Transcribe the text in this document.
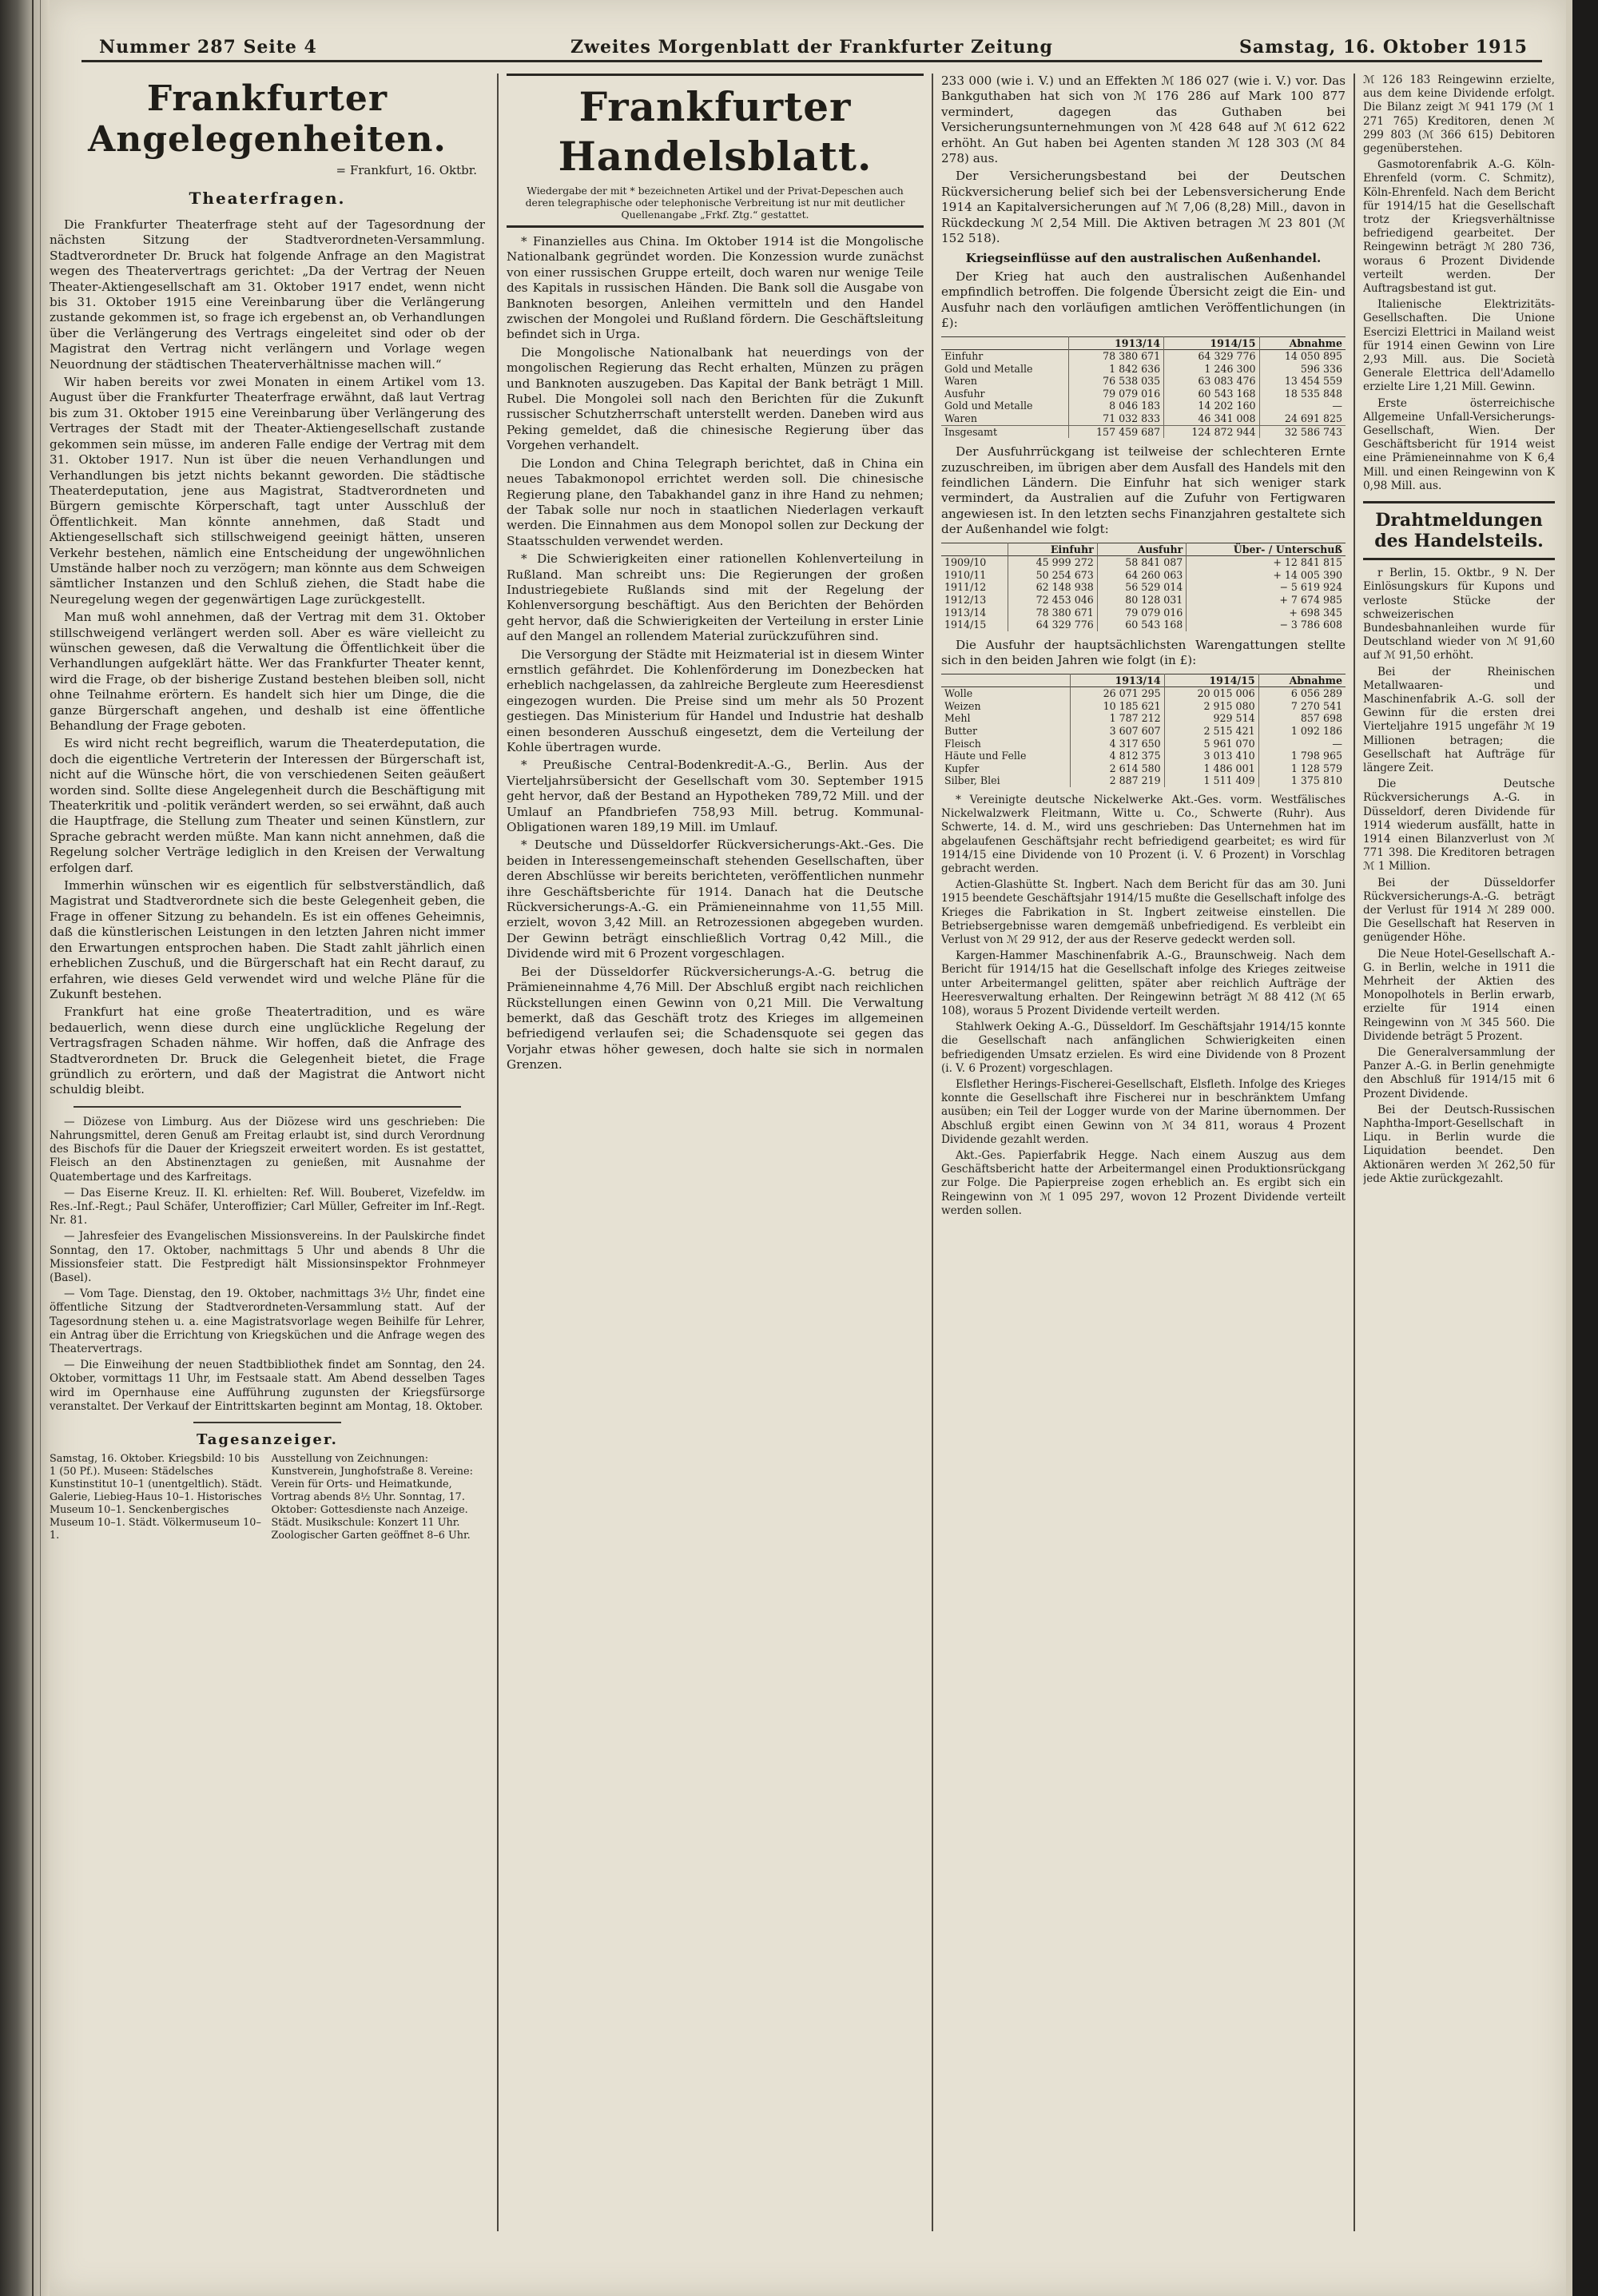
Nummer 287 Seite 4	Zweites Morgenblatt der Frankfurter Zeitung	Samstag, 16. Oktober 1915
Frankfurter Angelegenheiten.
= Frankfurt, 16. Oktbr.
Theaterfragen.

Die Frankfurter Theaterfrage steht auf der Tagesordnung der nächsten Sitzung der Stadtverordneten-Versammlung. Stadtverordneter Dr. Bruck hat folgende Anfrage an den Magistrat wegen des Theatervertrags gerichtet: „Da der Vertrag der Neuen Theater-Aktiengesellschaft am 31. Oktober 1917 endet, wenn nicht bis 31. Oktober 1915 eine Vereinbarung über die Verlängerung zustande gekommen ist, so frage ich ergebenst an, ob Verhandlungen über die Verlängerung des Vertrags eingeleitet sind oder ob der Magistrat den Vertrag nicht verlängern und Vorlage wegen Neuordnung der städtischen Theaterverhältnisse machen will.“

Wir haben bereits vor zwei Monaten in einem Artikel vom 13. August über die Frankfurter Theaterfrage erwähnt, daß laut Vertrag bis zum 31. Oktober 1915 eine Vereinbarung über Verlängerung des Vertrages der Stadt mit der Theater-Aktiengesellschaft zustande gekommen sein müsse, im anderen Falle endige der Vertrag mit dem 31. Oktober 1917. Nun ist über die neuen Verhandlungen und Verhandlungen bis jetzt nichts bekannt geworden. Die städtische Theaterdeputation, jene aus Magistrat, Stadtverordneten und Bürgern gemischte Körperschaft, tagt unter Ausschluß der Öffentlichkeit. Man könnte annehmen, daß Stadt und Aktiengesellschaft sich stillschweigend geeinigt hätten, unseren Verkehr bestehen, nämlich eine Entscheidung der ungewöhnlichen Umstände halber noch zu verzögern; man könnte aus dem Schweigen sämtlicher Instanzen und den Schluß ziehen, die Stadt habe die Neuregelung wegen der gegenwärtigen Lage zurückgestellt.

Man muß wohl annehmen, daß der Vertrag mit dem 31. Oktober stillschweigend verlängert werden soll. Aber es wäre vielleicht zu wünschen gewesen, daß die Verwaltung die Öffentlichkeit über die Verhandlungen aufgeklärt hätte. Wer das Frankfurter Theater kennt, wird die Frage, ob der bisherige Zustand bestehen bleiben soll, nicht ohne Teilnahme erörtern. Es handelt sich hier um Dinge, die die ganze Bürgerschaft angehen, und deshalb ist eine öffentliche Behandlung der Frage geboten.

Es wird nicht recht begreiflich, warum die Theaterdeputation, die doch die eigentliche Vertreterin der Interessen der Bürgerschaft ist, nicht auf die Wünsche hört, die von verschiedenen Seiten geäußert worden sind. Sollte diese Angelegenheit durch die Beschäftigung mit Theaterkritik und -politik verändert werden, so sei erwähnt, daß auch die Hauptfrage, die Stellung zum Theater und seinen Künstlern, zur Sprache gebracht werden müßte. Man kann nicht annehmen, daß die Regelung solcher Verträge lediglich in den Kreisen der Verwaltung erfolgen darf.

Immerhin wünschen wir es eigentlich für selbstverständlich, daß Magistrat und Stadtverordnete sich die beste Gelegenheit geben, die Frage in offener Sitzung zu behandeln. Es ist ein offenes Geheimnis, daß die künstlerischen Leistungen in den letzten Jahren nicht immer den Erwartungen entsprochen haben. Die Stadt zahlt jährlich einen erheblichen Zuschuß, und die Bürgerschaft hat ein Recht darauf, zu erfahren, wie dieses Geld verwendet wird und welche Pläne für die Zukunft bestehen.

Frankfurt hat eine große Theatertradition, und es wäre bedauerlich, wenn diese durch eine unglückliche Regelung der Vertragsfragen Schaden nähme. Wir hoffen, daß die Anfrage des Stadtverordneten Dr. Bruck die Gelegenheit bietet, die Frage gründlich zu erörtern, und daß der Magistrat die Antwort nicht schuldig bleibt.

— Diözese von Limburg. Aus der Diözese wird uns geschrieben: Die Nahrungsmittel, deren Genuß am Freitag erlaubt ist, sind durch Verordnung des Bischofs für die Dauer der Kriegszeit erweitert worden. Es ist gestattet, Fleisch an den Abstinenztagen zu genießen, mit Ausnahme der Quatembertage und des Karfreitags.

— Das Eiserne Kreuz. II. Kl. erhielten: Ref. Will. Bouberet, Vizefeldw. im Res.-Inf.-Regt.; Paul Schäfer, Unteroffizier; Carl Müller, Gefreiter im Inf.-Regt. Nr. 81.

— Jahresfeier des Evangelischen Missionsvereins. In der Paulskirche findet Sonntag, den 17. Oktober, nachmittags 5 Uhr und abends 8 Uhr die Missionsfeier statt. Die Festpredigt hält Missionsinspektor Frohnmeyer (Basel).

— Vom Tage. Dienstag, den 19. Oktober, nachmittags 3½ Uhr, findet eine öffentliche Sitzung der Stadtverordneten-Versammlung statt. Auf der Tagesordnung stehen u. a. eine Magistratsvorlage wegen Beihilfe für Lehrer, ein Antrag über die Errichtung von Kriegsküchen und die Anfrage wegen des Theatervertrags.

— Die Einweihung der neuen Stadtbibliothek findet am Sonntag, den 24. Oktober, vormittags 11 Uhr, im Festsaale statt. Am Abend desselben Tages wird im Opernhause eine Aufführung zugunsten der Kriegsfürsorge veranstaltet. Der Verkauf der Eintrittskarten beginnt am Montag, 18. Oktober.

Tagesanzeiger.
Samstag, 16. Oktober. Kriegsbild: 10 bis 1 (50 Pf.). Museen: Städelsches Kunstinstitut 10–1 (unentgeltlich). Städt. Galerie, Liebieg-Haus 10–1. Historisches Museum 10–1. Senckenbergisches Museum 10–1. Städt. Völkermuseum 10–1.
Ausstellung von Zeichnungen: Kunstverein, Junghofstraße 8. Vereine: Verein für Orts- und Heimatkunde, Vortrag abends 8½ Uhr. Sonntag, 17. Oktober: Gottesdienste nach Anzeige. Städt. Musikschule: Konzert 11 Uhr. Zoologischer Garten geöffnet 8–6 Uhr.
Frankfurter Handelsblatt.
Wiedergabe der mit * bezeichneten Artikel und der Privat-Depeschen auch deren telegraphische oder telephonische Verbreitung ist nur mit deutlicher Quellenangabe „Frkf. Ztg.“ gestattet.

* Finanzielles aus China. Im Oktober 1914 ist die Mongolische Nationalbank gegründet worden. Die Konzession wurde zunächst von einer russischen Gruppe erteilt, doch waren nur wenige Teile des Kapitals in russischen Händen. Die Bank soll die Ausgabe von Banknoten besorgen, Anleihen vermitteln und den Handel zwischen der Mongolei und Rußland fördern. Die Geschäftsleitung befindet sich in Urga.

Die Mongolische Nationalbank hat neuerdings von der mongolischen Regierung das Recht erhalten, Münzen zu prägen und Banknoten auszugeben. Das Kapital der Bank beträgt 1 Mill. Rubel. Die Mongolei soll nach den Berichten für die Zukunft russischer Schutzherrschaft unterstellt werden. Daneben wird aus Peking gemeldet, daß die chinesische Regierung über das Vorgehen verhandelt.

Die London and China Telegraph berichtet, daß in China ein neues Tabakmonopol errichtet werden soll. Die chinesische Regierung plane, den Tabakhandel ganz in ihre Hand zu nehmen; der Tabak solle nur noch in staatlichen Niederlagen verkauft werden. Die Einnahmen aus dem Monopol sollen zur Deckung der Staatsschulden verwendet werden.

* Die Schwierigkeiten einer rationellen Kohlenverteilung in Rußland. Man schreibt uns: Die Regierungen der großen Industriegebiete Rußlands sind mit der Regelung der Kohlenversorgung beschäftigt. Aus den Berichten der Behörden geht hervor, daß die Schwierigkeiten der Verteilung in erster Linie auf den Mangel an rollendem Material zurückzuführen sind.

Die Versorgung der Städte mit Heizmaterial ist in diesem Winter ernstlich gefährdet. Die Kohlenförderung im Donezbecken hat erheblich nachgelassen, da zahlreiche Bergleute zum Heeresdienst eingezogen wurden. Die Preise sind um mehr als 50 Prozent gestiegen. Das Ministerium für Handel und Industrie hat deshalb einen besonderen Ausschuß eingesetzt, dem die Verteilung der Kohle übertragen wurde.

* Preußische Central-Bodenkredit-A.-G., Berlin. Aus der Vierteljahrsübersicht der Gesellschaft vom 30. September 1915 geht hervor, daß der Bestand an Hypotheken 789,72 Mill. und der Umlauf an Pfandbriefen 758,93 Mill. betrug. Kommunal-Obligationen waren 189,19 Mill. im Umlauf.

* Deutsche und Düsseldorfer Rückversicherungs-Akt.-Ges. Die beiden in Interessengemeinschaft stehenden Gesellschaften, über deren Abschlüsse wir bereits berichteten, veröffentlichen nunmehr ihre Geschäftsberichte für 1914. Danach hat die Deutsche Rückversicherungs-A.-G. ein Prämieneinnahme von 11,55 Mill. erzielt, wovon 3,42 Mill. an Retrozessionen abgegeben wurden. Der Gewinn beträgt einschließlich Vortrag 0,42 Mill., die Dividende wird mit 6 Prozent vorgeschlagen.

Bei der Düsseldorfer Rückversicherungs-A.-G. betrug die Prämieneinnahme 4,76 Mill. Der Abschluß ergibt nach reichlichen Rückstellungen einen Gewinn von 0,21 Mill. Die Verwaltung bemerkt, daß das Geschäft trotz des Krieges im allgemeinen befriedigend verlaufen sei; die Schadensquote sei gegen das Vorjahr etwas höher gewesen, doch halte sie sich in normalen Grenzen.

233 000 (wie i. V.) und an Effekten ℳ 186 027 (wie i. V.) vor. Das Bankguthaben hat sich von ℳ 176 286 auf Mark 100 877 vermindert, dagegen das Guthaben bei Versicherungsunternehmungen von ℳ 428 648 auf ℳ 612 622 erhöht. An Gut haben bei Agenten standen ℳ 128 303 (ℳ 84 278) aus.

Der Versicherungsbestand bei der Deutschen Rückversicherung belief sich bei der Lebensversicherung Ende 1914 an Kapitalversicherungen auf ℳ 7,06 (8,28) Mill., davon in Rückdeckung ℳ 2,54 Mill. Die Aktiven betragen ℳ 23 801 (ℳ 152 518).

Kriegseinflüsse auf den australischen Außenhandel.

Der Krieg hat auch den australischen Außenhandel empfindlich betroffen. Die folgende Übersicht zeigt die Ein- und Ausfuhr nach den vorläufigen amtlichen Veröffentlichungen (in £):

	1913/14	1914/15	Abnahme
Einfuhr	78 380 671	64 329 776	14 050 895
Gold und Metalle	1 842 636	1 246 300	596 336
Waren	76 538 035	63 083 476	13 454 559
Ausfuhr	79 079 016	60 543 168	18 535 848
Gold und Metalle	8 046 183	14 202 160	—
Waren	71 032 833	46 341 008	24 691 825
Insgesamt	157 459 687	124 872 944	32 586 743

Der Ausfuhrrückgang ist teilweise der schlechteren Ernte zuzuschreiben, im übrigen aber dem Ausfall des Handels mit den feindlichen Ländern. Die Einfuhr hat sich weniger stark vermindert, da Australien auf die Zufuhr von Fertigwaren angewiesen ist. In den letzten sechs Finanzjahren gestaltete sich der Außenhandel wie folgt:

	Einfuhr	Ausfuhr	Über- / Unterschuß
1909/10	45 999 272	58 841 087	+ 12 841 815
1910/11	50 254 673	64 260 063	+ 14 005 390
1911/12	62 148 938	56 529 014	− 5 619 924
1912/13	72 453 046	80 128 031	+ 7 674 985
1913/14	78 380 671	79 079 016	+ 698 345
1914/15	64 329 776	60 543 168	− 3 786 608

Die Ausfuhr der hauptsächlichsten Warengattungen stellte sich in den beiden Jahren wie folgt (in £):

	1913/14	1914/15	Abnahme
Wolle	26 071 295	20 015 006	6 056 289
Weizen	10 185 621	2 915 080	7 270 541
Mehl	1 787 212	929 514	857 698
Butter	3 607 607	2 515 421	1 092 186
Fleisch	4 317 650	5 961 070	—
Häute und Felle	4 812 375	3 013 410	1 798 965
Kupfer	2 614 580	1 486 001	1 128 579
Silber, Blei	2 887 219	1 511 409	1 375 810

* Vereinigte deutsche Nickelwerke Akt.-Ges. vorm. Westfälisches Nickelwalzwerk Fleitmann, Witte u. Co., Schwerte (Ruhr). Aus Schwerte, 14. d. M., wird uns geschrieben: Das Unternehmen hat im abgelaufenen Geschäftsjahr recht befriedigend gearbeitet; es wird für 1914/15 eine Dividende von 10 Prozent (i. V. 6 Prozent) in Vorschlag gebracht werden.

Actien-Glashütte St. Ingbert. Nach dem Bericht für das am 30. Juni 1915 beendete Geschäftsjahr 1914/15 mußte die Gesellschaft infolge des Krieges die Fabrikation in St. Ingbert zeitweise einstellen. Die Betriebsergebnisse waren demgemäß unbefriedigend. Es verbleibt ein Verlust von ℳ 29 912, der aus der Reserve gedeckt werden soll.

Kargen-Hammer Maschinenfabrik A.-G., Braunschweig. Nach dem Bericht für 1914/15 hat die Gesellschaft infolge des Krieges zeitweise unter Arbeitermangel gelitten, später aber reichlich Aufträge der Heeresverwaltung erhalten. Der Reingewinn beträgt ℳ 88 412 (ℳ 65 108), woraus 5 Prozent Dividende verteilt werden.

Stahlwerk Oeking A.-G., Düsseldorf. Im Geschäftsjahr 1914/15 konnte die Gesellschaft nach anfänglichen Schwierigkeiten einen befriedigenden Umsatz erzielen. Es wird eine Dividende von 8 Prozent (i. V. 6 Prozent) vorgeschlagen.

Elsflether Herings-Fischerei-Gesellschaft, Elsfleth. Infolge des Krieges konnte die Gesellschaft ihre Fischerei nur in beschränktem Umfang ausüben; ein Teil der Logger wurde von der Marine übernommen. Der Abschluß ergibt einen Gewinn von ℳ 34 811, woraus 4 Prozent Dividende gezahlt werden.

Akt.-Ges. Papierfabrik Hegge. Nach einem Auszug aus dem Geschäftsbericht hatte der Arbeitermangel einen Produktionsrückgang zur Folge. Die Papierpreise zogen erheblich an. Es ergibt sich ein Reingewinn von ℳ 1 095 297, wovon 12 Prozent Dividende verteilt werden sollen.

ℳ 126 183 Reingewinn erzielte, aus dem keine Dividende erfolgt. Die Bilanz zeigt ℳ 941 179 (ℳ 1 271 765) Kreditoren, denen ℳ 299 803 (ℳ 366 615) Debitoren gegenüberstehen.

Gasmotorenfabrik A.-G. Köln-Ehrenfeld (vorm. C. Schmitz), Köln-Ehrenfeld. Nach dem Bericht für 1914/15 hat die Gesellschaft trotz der Kriegsverhältnisse befriedigend gearbeitet. Der Reingewinn beträgt ℳ 280 736, woraus 6 Prozent Dividende verteilt werden. Der Auftragsbestand ist gut.

Italienische Elektrizitäts-Gesellschaften. Die Unione Esercizi Elettrici in Mailand weist für 1914 einen Gewinn von Lire 2,93 Mill. aus. Die Società Generale Elettrica dell'Adamello erzielte Lire 1,21 Mill. Gewinn.

Erste österreichische Allgemeine Unfall-Versicherungs-Gesellschaft, Wien. Der Geschäftsbericht für 1914 weist eine Prämieneinnahme von K 6,4 Mill. und einen Reingewinn von K 0,98 Mill. aus.

Drahtmeldungen des Handelsteils.

r Berlin, 15. Oktbr., 9 N. Der Einlösungskurs für Kupons und verloste Stücke der schweizerischen Bundesbahnanleihen wurde für Deutschland wieder von ℳ 91,60 auf ℳ 91,50 erhöht.

Bei der Rheinischen Metallwaaren- und Maschinenfabrik A.-G. soll der Gewinn für die ersten drei Vierteljahre 1915 ungefähr ℳ 19 Millionen betragen; die Gesellschaft hat Aufträge für längere Zeit.

Die Deutsche Rückversicherungs A.-G. in Düsseldorf, deren Dividende für 1914 wiederum ausfällt, hatte in 1914 einen Bilanzverlust von ℳ 771 398. Die Kreditoren betragen ℳ 1 Million.

Bei der Düsseldorfer Rückversicherungs-A.-G. beträgt der Verlust für 1914 ℳ 289 000. Die Gesellschaft hat Reserven in genügender Höhe.

Die Neue Hotel-Gesellschaft A.-G. in Berlin, welche in 1911 die Mehrheit der Aktien des Monopolhotels in Berlin erwarb, erzielte für 1914 einen Reingewinn von ℳ 345 560. Die Dividende beträgt 5 Prozent.

Die Generalversammlung der Panzer A.-G. in Berlin genehmigte den Abschluß für 1914/15 mit 6 Prozent Dividende.

Bei der Deutsch-Russischen Naphtha-Import-Gesellschaft in Liqu. in Berlin wurde die Liquidation beendet. Den Aktionären werden ℳ 262,50 für jede Aktie zurückgezahlt.
